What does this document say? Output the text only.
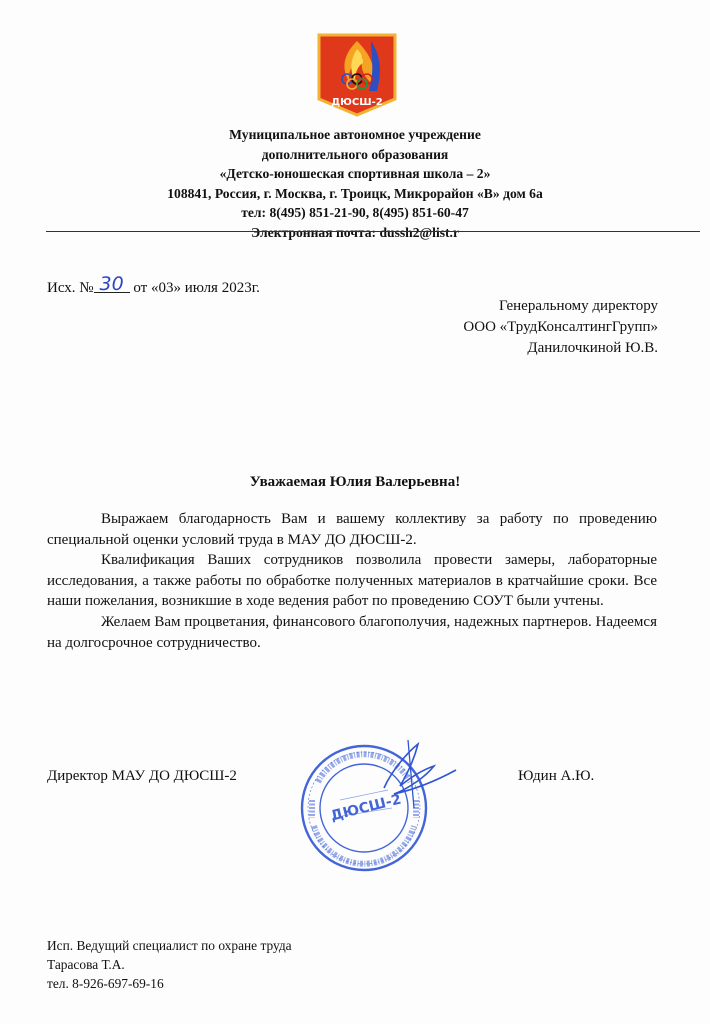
ДЮСШ-2
Муниципальное автономное учреждение
дополнительного образования
«Детско-юношеская спортивная школа – 2»
108841, Россия, г. Москва, г. Троицк, Микрорайон «В» дом 6а
тел: 8(495) 851-21-90, 8(495) 851-60-47
Электронная почта: dussh2@list.r
Исх. № 30 от «03» июля 2023г.
Генеральному директору
ООО «ТрудКонсалтингГрупп»
Данилочкиной Ю.В.
Уважаемая Юлия Валерьевна!

Выражаем благодарность Вам и вашему коллективу за работу по проведению специальной оценки условий труда в МАУ ДО ДЮСШ-2.

Квалификация Ваших сотрудников позволила провести замеры, лабораторные исследования, а также работы по обработке полученных материалов в кратчайшие сроки. Все наши пожелания, возникшие в ходе ведения работ по проведению СОУТ были учтены.

Желаем Вам процветания, финансового благополучия, надежных партнеров. Надеемся на долгосрочное сотрудничество.

Директор МАУ ДО ДЮСШ-2	Юдин А.Ю.
ДЮСШ-2
Исп. Ведущий специалист по охране труда
Тарасова Т.А.
тел. 8-926-697-69-16
